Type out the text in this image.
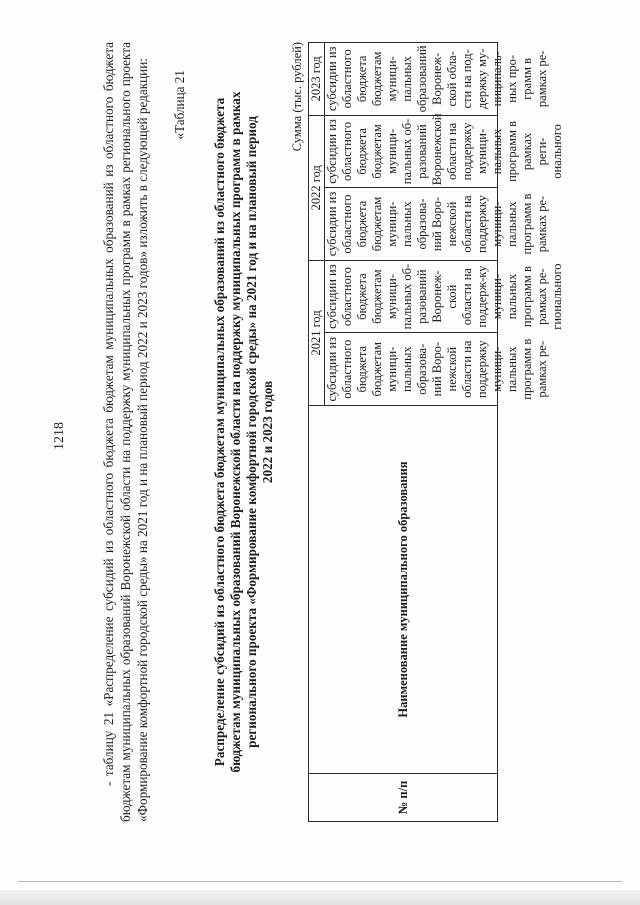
1218	- таблицу 21 «Распределение субсидий из областного бюджета бюджетам муниципальных образований из областного бюджета бюджетам муниципальных образований Воронежской области на поддержку муниципальных программ в рамках регионального проекта «Формирование комфортной городской среды» на 2021 год и на плановый период 2022 и 2023 годов» изложить в следующей редакции: «Таблица 21 Распределение субсидий из областного бюджета бюджетам муниципальных образований из областного бюджета бюджетам муниципальных образований Воронежской области на поддержку муниципальных программ в рамках регионального проекта «Формирование комфортной городской среды» на 2021 год и на плановый период 2022 и 2023 годов
Сумма (тыс. рублей)
№ п/п	Наименование муниципального образования	2021 год		2022 год		2023 год

		субсидии из областного бюджета бюджетам муници-пальных образова-ний Воро-нежской области на поддержку муници-пальных программ в рамках ре-	субсидии из областного бюджета бюджетам муници-пальных об-разований Воронеж-ской области на поддерж-ку муници-пальных программ в рамках ре-гионального	субсидии из областного бюджета бюджетам муници-пальных образова-ний Воро-нежской области на поддержку муници-пальных программ в рамках ре-	субсидии из областного бюджета бюджетам муници-пальных об-разований Воронежской области на поддержку муници-пальных программ в рамках реги-онального	субсидии из областного бюджета бюджетам муници-пальных образований Воронеж-ской обла-сти на под-держку му-ниципаль-ных про-грамм в рамках ре-
